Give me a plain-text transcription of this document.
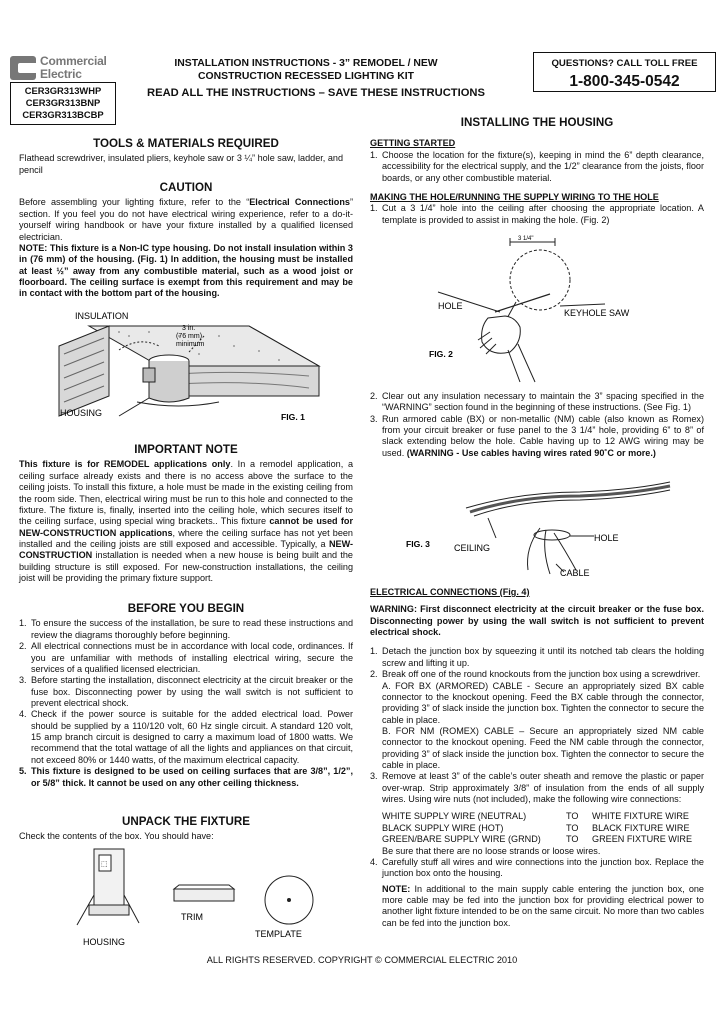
Commercial
Electric
CER3GR313WHP
CER3GR313BNP
CER3GR313BCBP
INSTALLATION INSTRUCTIONS - 3” REMODEL / NEW
CONSTRUCTION RECESSED LIGHTING KIT
READ ALL THE INSTRUCTIONS – SAVE THESE INSTRUCTIONS
QUESTIONS? CALL TOLL FREE
1-800-345-0542
TOOLS & MATERIALS REQUIRED

Flathead screwdriver, insulated pliers, keyhole saw or 3 ¼” hole saw, ladder, and pencil

CAUTION

Before assembling your lighting fixture, refer to the “Electrical Connections” section. If you feel you do not have electrical wiring experience, refer to a do-it-yourself wiring handbook or have your fixture installed by a qualified licensed electrician.

NOTE: This fixture is a Non-IC type housing. Do not install insulation within 3 in (76 mm) of the housing. (Fig. 1) In addition, the housing must be installed at least ½” away from any combustible material, such as a wood joist or floorboard. The ceiling surface is exempt from this requirement and may be in contact with the bottom part of the housing.

INSULATION
3 in.
(76 mm)
minimum
HOUSING	FIG. 1
IMPORTANT NOTE

This fixture is for REMODEL applications only. In a remodel application, a ceiling surface already exists and there is no access above the surface to the ceiling joists. To install this fixture, a hole must be made in the existing ceiling from the room side. Then, electrical wiring must be run to this hole and connected to the fixture. The fixture is, finally, inserted into the ceiling hole, which secures itself to the ceiling surface, using special wing brackets.. This fixture cannot be used for NEW-CONSTRUCTION applications, where the ceiling surface has not yet been installed and the ceiling joists are still exposed and accessible. Typically, a NEW-CONSTRUCTION installation is needed when a new house is being built and the building structure is still exposed. For new-construction installations, the ceiling joist will be providing the primary fixture support.

BEFORE YOU BEGIN
1. To ensure the success of the installation, be sure to read these instructions and review the diagrams thoroughly before beginning.
2. All electrical connections must be in accordance with local code, ordinances. If you are unfamiliar with methods of installing electrical wiring, secure the services of a qualified licensed electrician.
3. Before starting the installation, disconnect electricity at the circuit breaker or the fuse box. Disconnecting power by using the wall switch is not sufficient to prevent electrical shock.
4. Check if the power source is suitable for the added electrical load. Power should be supplied by a 110/120 volt, 60 Hz single circuit. A standard 120 volt, 15 amp branch circuit is designed to carry a maximum load of 1800 watts. We recommend that the total wattage of all the lights and appliances on that circuit, not exceed 80% or 1440 watts, of the maximum electrical capacity.
5. This fixture is designed to be used on ceiling surfaces that are 3/8”, 1/2”, or 5/8” thick. It cannot be used on any other ceiling thickness.
UNPACK THE FIXTURE

Check the contents of the box. You should have:

⬚
HOUSING
TRIM
TEMPLATE
INSTALLING THE HOUSING
GETTING STARTED
1. Choose the location for the fixture(s), keeping in mind the 6” depth clearance, accessibility for the electrical supply, and the 1/2” clearance from the joists, floor boards, or any other combustible material.
MAKING THE HOLE/RUNNING THE SUPPLY WIRING TO THE HOLE
1. Cut a 3 1/4” hole into the ceiling after choosing the appropriate location. A template is provided to assist in making the hole. (Fig. 2)
3 1/4"
HOLE
KEYHOLE SAW
FIG. 2
2. Clear out any insulation necessary to maintain the 3” spacing specified in the “WARNING” section found in the beginning of these instructions. (See Fig. 1)
3. Run armored cable (BX) or non-metallic (NM) cable (also known as Romex) from your circuit breaker or fuse panel to the 3 1/4” hole, providing 6” to 8” of slack extending below the hole. Cable having up to 12 AWG wiring may be used. (WARNING - Use cables having wires rated 90˚C or more.)
FIG. 3	CEILING
HOLE
CABLE
ELECTRICAL CONNECTIONS (Fig. 4)

WARNING: First disconnect electricity at the circuit breaker or the fuse box. Disconnecting power by using the wall switch is not sufficient to prevent electrical shock.

1. Detach the junction box by squeezing it until its notched tab clears the holding screw and lifting it up.
2. Break off one of the round knockouts from the junction box using a screwdriver.
A. FOR BX (ARMORED) CABLE - Secure an appropriately sized BX cable connector to the knockout opening. Feed the BX cable through the connector, providing 3” of slack inside the junction box. Tighten the connector to secure the cable in place.
B. FOR NM (ROMEX) CABLE – Secure an appropriately sized NM cable connector to the knockout opening. Feed the NM cable through the connector, providing 3” of slack inside the junction box. Tighten the connector to secure the cable in place.
3. Remove at least 3” of the cable’s outer sheath and remove the plastic or paper over-wrap. Strip approximately 3/8” of insulation from the ends of all supply wires. Using wire nuts (not included), make the following wire connections:
WHITE SUPPLY WIRE (NEUTRAL)	TO	WHITE FIXTURE WIRE
BLACK SUPPLY WIRE (HOT)	TO	BLACK FIXTURE WIRE
GREEN/BARE SUPPLY WIRE (GRND)	TO	GREEN FIXTURE WIRE
Be sure that there are no loose strands or loose wires.
4. Carefully stuff all wires and wire connections into the junction box. Replace the junction box onto the housing.

NOTE: In additional to the main supply cable entering the junction box, one more cable may be fed into the junction box for providing electrical power to another light fixture intended to be on the same circuit. No more than two cables can be fed into the junction box.

ALL RIGHTS RESERVED. COPYRIGHT © COMMERCIAL ELECTRIC 2010
